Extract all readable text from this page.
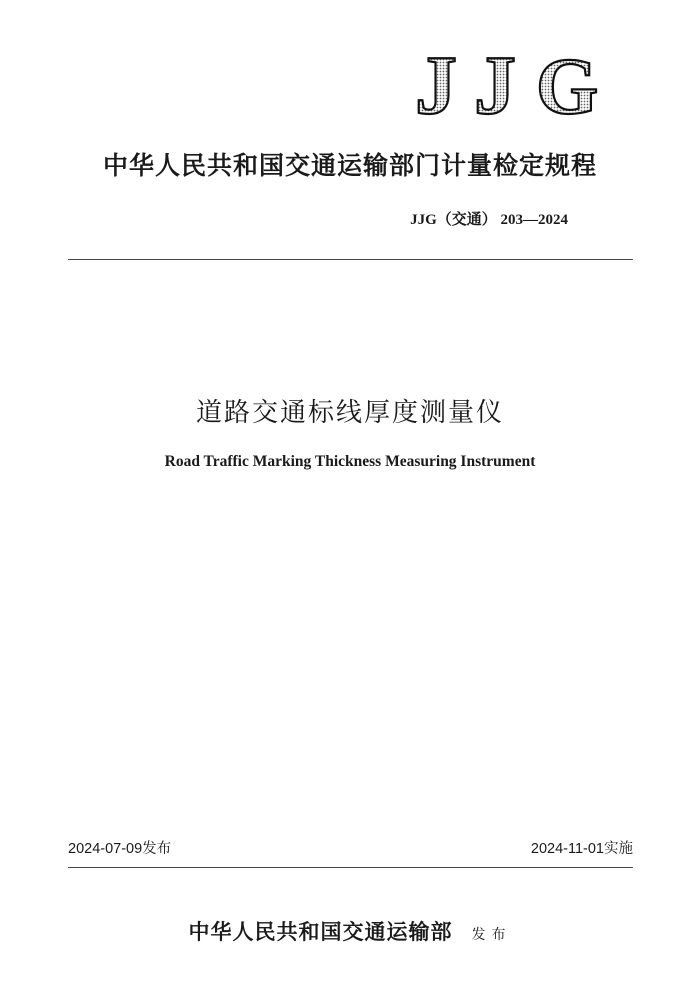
J J G
中华人民共和国交通运输部门计量检定规程
JJG（交通） 203—2024
道路交通标线厚度测量仪
Road Traffic Marking Thickness Measuring Instrument
2024-07-09发布	2024-11-01实施
中华人民共和国交通运输部 发布
